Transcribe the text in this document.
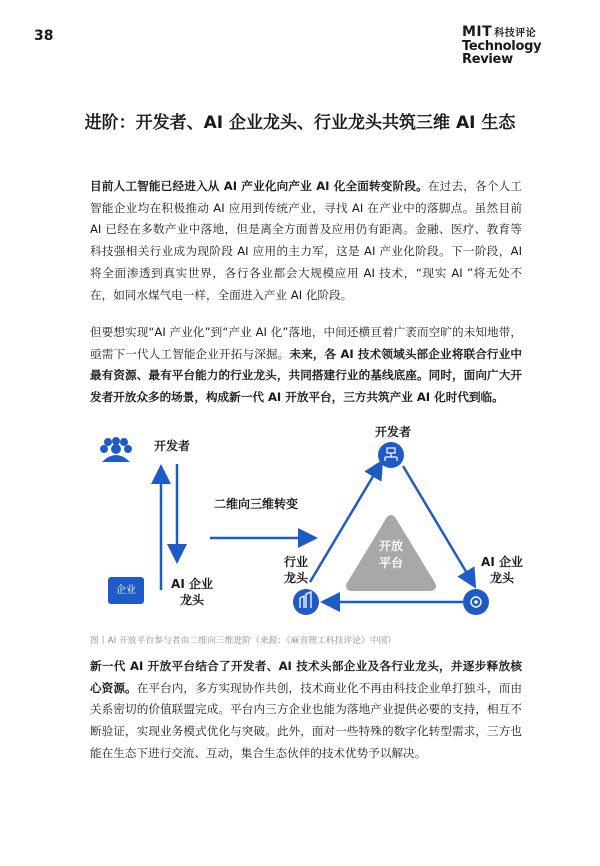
38	MIT 科技评论
Technology
Review
进阶：开发者、AI 企业龙头、行业龙头共筑三维 AI 生态

目前人工智能已经进入从 AI 产业化向产业 AI 化全面转变阶段。在过去，各个人工智能企业均在积极推动 AI 应用到传统产业，寻找 AI 在产业中的落脚点。虽然目前 AI 已经在多数产业中落地，但是离全方面普及应用仍有距离。金融、医疗、教育等科技强相关行业成为现阶段 AI 应用的主力军，这是 AI 产业化阶段。下一阶段，AI 将全面渗透到真实世界，各行各业都会大规模应用 AI 技术，“现实 AI ”将无处不在，如同水煤气电一样，全面进入产业 AI 化阶段。

但要想实现“AI 产业化”到“产业 AI 化”落地，中间还横亘着广袤而空旷的未知地带，亟需下一代人工智能企业开拓与深掘。未来，各 AI 技术领域头部企业将联合行业中最有资源、最有平台能力的行业龙头，共同搭建行业的基线底座。同时，面向广大开发者开放众多的场景，构成新一代 AI 开放平台，三方共筑产业 AI 化时代到临。

开发者
企业	AI 企业
龙头
二维向三维转变
开发者
行业
龙头
AI 企业
龙头
开放
平台
图丨AI 开放平台参与者由二维向三维进阶（来源：《麻省理工科技评论》中国）

新一代 AI 开放平台结合了开发者、AI 技术头部企业及各行业龙头，并逐步释放核心资源。在平台内，多方实现协作共创，技术商业化不再由科技企业单打独斗，而由关系密切的价值联盟完成。平台内三方企业也能为落地产业提供必要的支持，相互不断验证，实现业务模式优化与突破。此外，面对一些特殊的数字化转型需求，三方也能在生态下进行交流、互动，集合生态伙伴的技术优势予以解决。
